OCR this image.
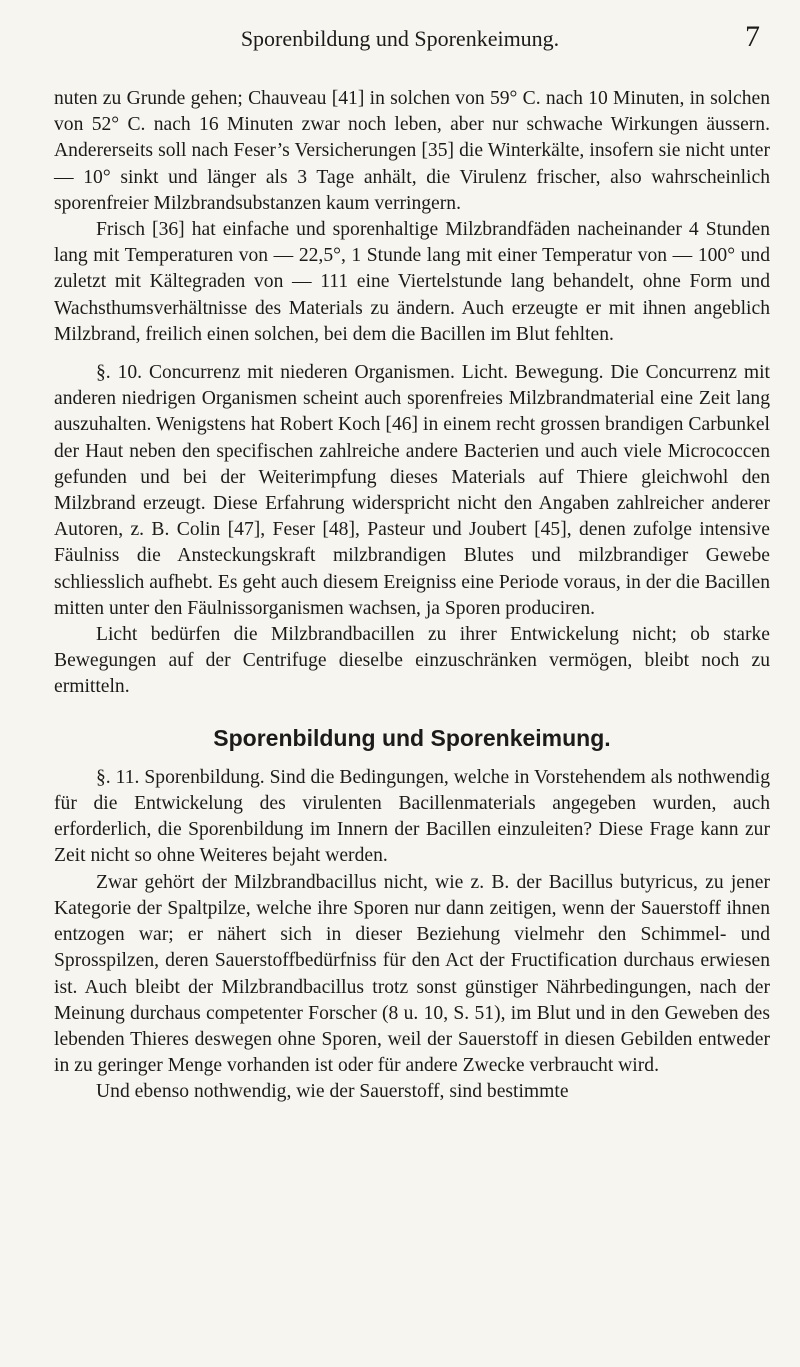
Sporenbildung und Sporenkeimung.	7

nuten zu Grunde gehen; Chauveau [41] in solchen von 59° C. nach 10 Minuten, in solchen von 52° C. nach 16 Minuten zwar noch leben, aber nur schwache Wirkungen äussern. Andererseits soll nach Feser’s Versicherungen [35] die Winterkälte, insofern sie nicht unter — 10° sinkt und länger als 3 Tage anhält, die Virulenz frischer, also wahrscheinlich sporenfreier Milzbrandsubstanzen kaum verringern.

Frisch [36] hat einfache und sporenhaltige Milzbrandfäden nacheinander 4 Stunden lang mit Temperaturen von — 22,5°, 1 Stunde lang mit einer Temperatur von — 100° und zuletzt mit Kältegraden von — 111 eine Viertelstunde lang behandelt, ohne Form und Wachsthumsverhältnisse des Materials zu ändern. Auch erzeugte er mit ihnen angeblich Milzbrand, freilich einen solchen, bei dem die Bacillen im Blut fehlten.

§. 10. Concurrenz mit niederen Organismen. Licht. Bewegung. Die Concurrenz mit anderen niedrigen Organismen scheint auch sporenfreies Milzbrandmaterial eine Zeit lang auszuhalten. Wenigstens hat Robert Koch [46] in einem recht grossen brandigen Carbunkel der Haut neben den specifischen zahlreiche andere Bacterien und auch viele Micrococcen gefunden und bei der Weiterimpfung dieses Materials auf Thiere gleichwohl den Milzbrand erzeugt. Diese Erfahrung widerspricht nicht den Angaben zahlreicher anderer Autoren, z. B. Colin [47], Feser [48], Pasteur und Joubert [45], denen zufolge intensive Fäulniss die Ansteckungskraft milzbrandigen Blutes und milzbrandiger Gewebe schliesslich aufhebt. Es geht auch diesem Ereigniss eine Periode voraus, in der die Bacillen mitten unter den Fäulnissorganismen wachsen, ja Sporen produciren.

Licht bedürfen die Milzbrandbacillen zu ihrer Entwickelung nicht; ob starke Bewegungen auf der Centrifuge dieselbe einzuschränken vermögen, bleibt noch zu ermitteln.

Sporenbildung und Sporenkeimung.

§. 11. Sporenbildung. Sind die Bedingungen, welche in Vorstehendem als nothwendig für die Entwickelung des virulenten Bacillenmaterials angegeben wurden, auch erforderlich, die Sporenbildung im Innern der Bacillen einzuleiten? Diese Frage kann zur Zeit nicht so ohne Weiteres bejaht werden.

Zwar gehört der Milzbrandbacillus nicht, wie z. B. der Bacillus butyricus, zu jener Kategorie der Spaltpilze, welche ihre Sporen nur dann zeitigen, wenn der Sauerstoff ihnen entzogen war; er nähert sich in dieser Beziehung vielmehr den Schimmel- und Sprosspilzen, deren Sauerstoffbedürfniss für den Act der Fructification durchaus erwiesen ist. Auch bleibt der Milzbrandbacillus trotz sonst günstiger Nährbedingungen, nach der Meinung durchaus competenter Forscher (8 u. 10, S. 51), im Blut und in den Geweben des lebenden Thieres deswegen ohne Sporen, weil der Sauerstoff in diesen Gebilden entweder in zu geringer Menge vorhanden ist oder für andere Zwecke verbraucht wird.

Und ebenso nothwendig, wie der Sauerstoff, sind bestimmte
